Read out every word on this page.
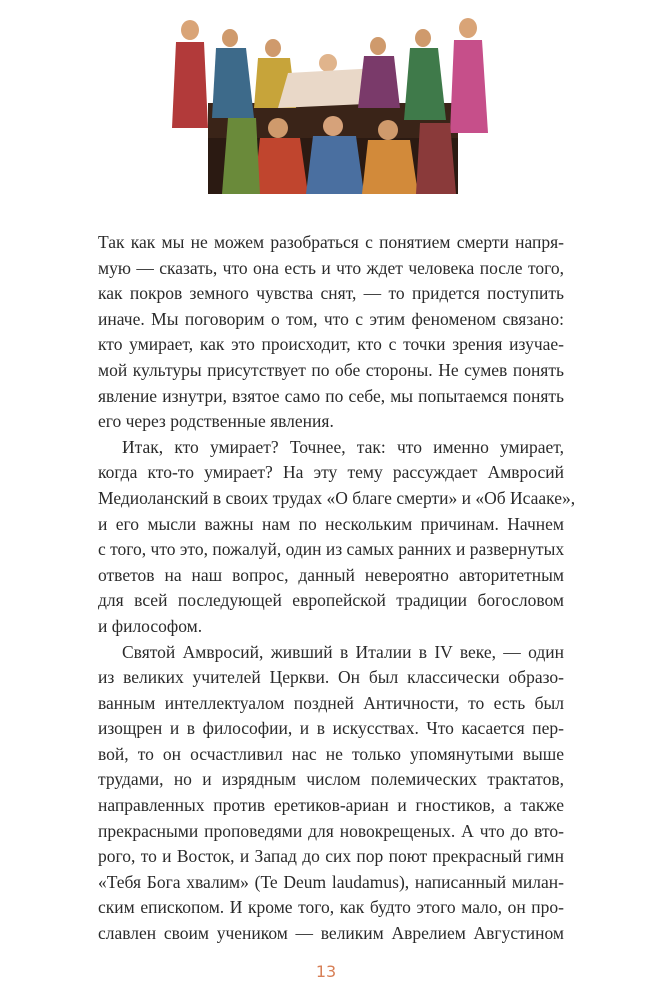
Так как мы не можем разобраться с понятием смерти напря-
мую — сказать, что она есть и что ждет человека после того,
как покров земного чувства снят, — то придется поступить
иначе. Мы поговорим о том, что с этим феноменом связано:
кто умирает, как это происходит, кто с точки зрения изучае-
мой культуры присутствует по обе стороны. Не сумев понять
явление изнутри, взятое само по себе, мы попытаемся понять
его через родственные явления.
Итак, кто умирает? Точнее, так: что именно умирает,
когда кто-то умирает? На эту тему рассуждает Амвросий
Медиоланский в своих трудах «О благе смерти» и «Об Исааке»,
и его мысли важны нам по нескольким причинам. Начнем
с того, что это, пожалуй, один из самых ранних и развернутых
ответов на наш вопрос, данный невероятно авторитетным
для всей последующей европейской традиции богословом
и философом.
Святой Амвросий, живший в Италии в IV веке, — один
из великих учителей Церкви. Он был классически образо-
ванным интеллектуалом поздней Античности, то есть был
изощрен и в философии, и в искусствах. Что касается пер-
вой, то он осчастливил нас не только упомянутыми выше
трудами, но и изрядным числом полемических трактатов,
направленных против еретиков-ариан и гностиков, а также
прекрасными проповедями для новокрещеных. А что до вто-
рого, то и Восток, и Запад до сих пор поют прекрасный гимн
«Тебя Бога хвалим» (Te Deum laudamus), написанный милан-
ским епископом. И кроме того, как будто этого мало, он про-
славлен своим учеником — великим Аврелием Августином
13
